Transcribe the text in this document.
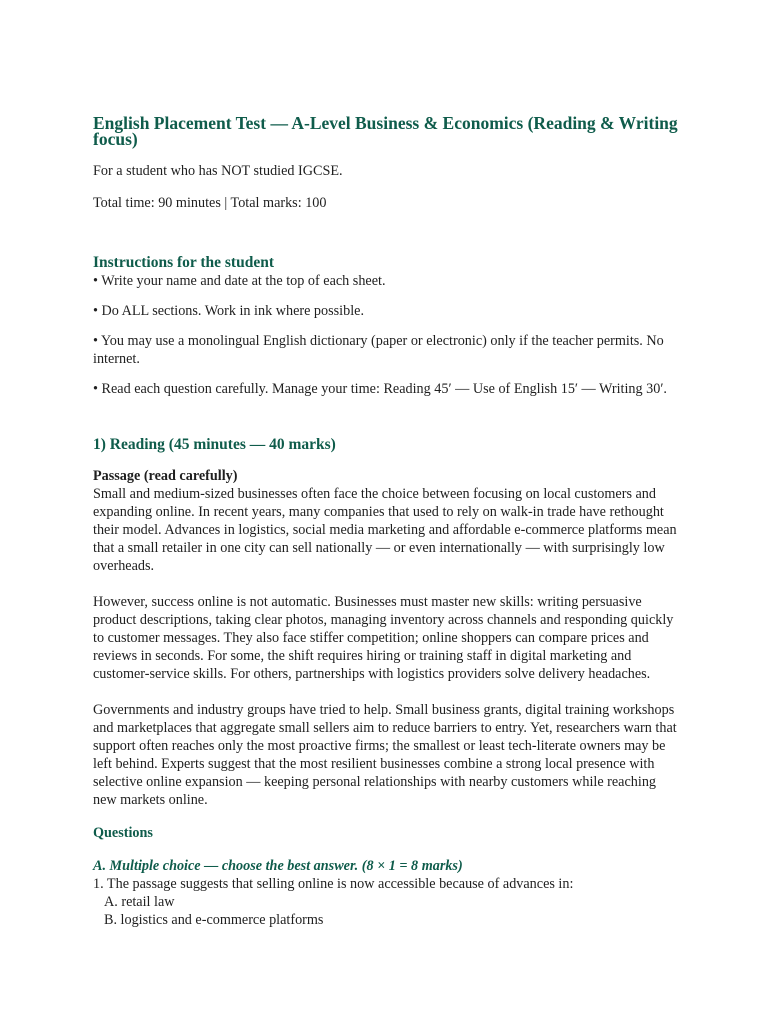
English Placement Test — A-Level Business & Economics (Reading & Writing focus)

For a student who has NOT studied IGCSE.

Total time: 90 minutes | Total marks: 100

Instructions for the student

• Write your name and date at the top of each sheet.

• Do ALL sections. Work in ink where possible.

• You may use a monolingual English dictionary (paper or electronic) only if the teacher permits. No internet.

• Read each question carefully. Manage your time: Reading 45′ — Use of English 15′ — Writing 30′.

1) Reading (45 minutes — 40 marks)

Passage (read carefully)

Small and medium-sized businesses often face the choice between focusing on local customers and expanding online. In recent years, many companies that used to rely on walk-in trade have rethought their model. Advances in logistics, social media marketing and affordable e-commerce platforms mean that a small retailer in one city can sell nationally — or even internationally — with surprisingly low overheads.

However, success online is not automatic. Businesses must master new skills: writing persuasive product descriptions, taking clear photos, managing inventory across channels and responding quickly to customer messages. They also face stiffer competition; online shoppers can compare prices and reviews in seconds. For some, the shift requires hiring or training staff in digital marketing and customer-service skills. For others, partnerships with logistics providers solve delivery headaches.

Governments and industry groups have tried to help. Small business grants, digital training workshops and marketplaces that aggregate small sellers aim to reduce barriers to entry. Yet, researchers warn that support often reaches only the most proactive firms; the smallest or least tech-literate owners may be left behind. Experts suggest that the most resilient businesses combine a strong local presence with selective online expansion — keeping personal relationships with nearby customers while reaching new markets online.

Questions

A. Multiple choice — choose the best answer. (8 × 1 = 8 marks)

1. The passage suggests that selling online is now accessible because of advances in:

A. retail law

B. logistics and e-commerce platforms
